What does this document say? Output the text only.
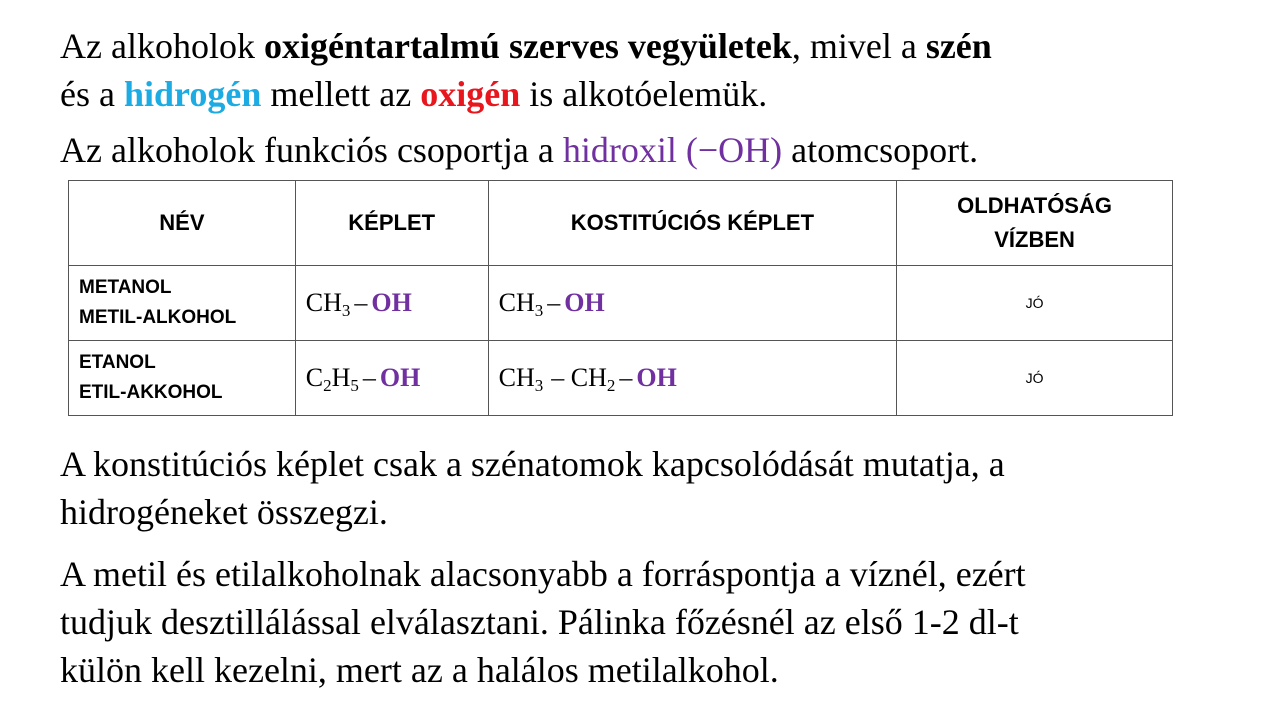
Az alkoholok oxigéntartalmú szerves vegyületek, mivel a szén
és a hidrogén mellett az oxigén is alkotóelemük.
Az alkoholok funkciós csoportja a hidroxil (−OH) atomcsoport.
NÉV	KÉPLET	KOSTITÚCIÓS KÉPLET	OLDHATÓSÁG
VÍZBEN
METANOL
METIL-ALKOHOL	$CH_3$ – OH	$CH_3$ – OH	JÓ
ETANOL
ETIL-AKKOHOL	$C_2H_5$ – OH	$CH_3 - CH_2$ – OH	JÓ
A konstitúciós képlet csak a szénatomok kapcsolódását mutatja, a
hidrogéneket összegzi.
A metil és etilalkoholnak alacsonyabb a forráspontja a víznél, ezért
tudjuk desztillálással elválasztani. Pálinka főzésnél az első 1-2 dl-t
külön kell kezelni, mert az a halálos metilalkohol.
